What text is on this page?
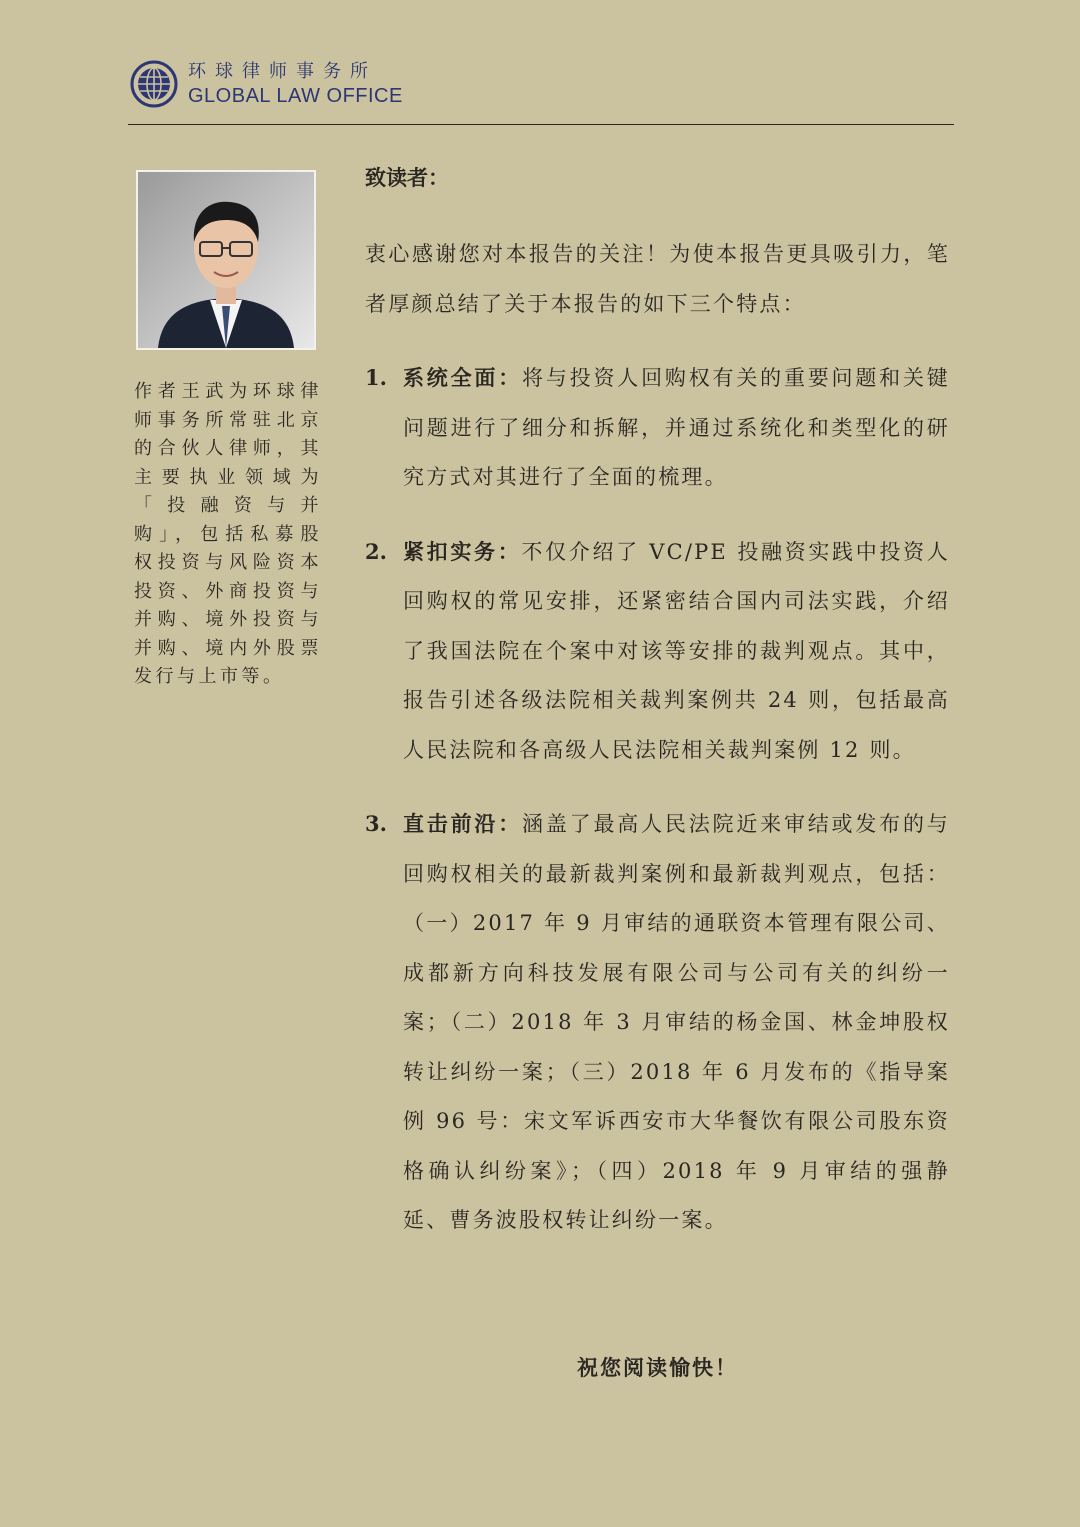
环球律师事务所
GLOBAL LAW OFFICE
作者王武为环球律
师事务所常驻北京
的合伙人律师，其
主要执业领域为
「投融资与并
购」，包括私募股
权投资与风险资本
投资、外商投资与
并购、境外投资与
并购、境内外股票
发行与上市等。

致读者：

衷心感谢您对本报告的关注！为使本报告更具吸引力，笔者厚颜总结了关于本报告的如下三个特点：
1. 系统全面：将与投资人回购权有关的重要问题和关键问题进行了细分和拆解，并通过系统化和类型化的研究方式对其进行了全面的梳理。
2. 紧扣实务：不仅介绍了 VC/PE 投融资实践中投资人回购权的常见安排，还紧密结合国内司法实践，介绍了我国法院在个案中对该等安排的裁判观点。其中，报告引述各级法院相关裁判案例共 24 则，包括最高人民法院和各高级人民法院相关裁判案例 12 则。
3. 直击前沿：涵盖了最高人民法院近来审结或发布的与回购权相关的最新裁判案例和最新裁判观点，包括：（一）2017 年 9 月审结的通联资本管理有限公司、成都新方向科技发展有限公司与公司有关的纠纷一案；（二）2018 年 3 月审结的杨金国、林金坤股权转让纠纷一案；（三）2018 年 6 月发布的《指导案例 96 号：宋文军诉西安市大华餐饮有限公司股东资格确认纠纷案》；（四）2018 年 9 月审结的强静延、曹务波股权转让纠纷一案。
祝您阅读愉快！
